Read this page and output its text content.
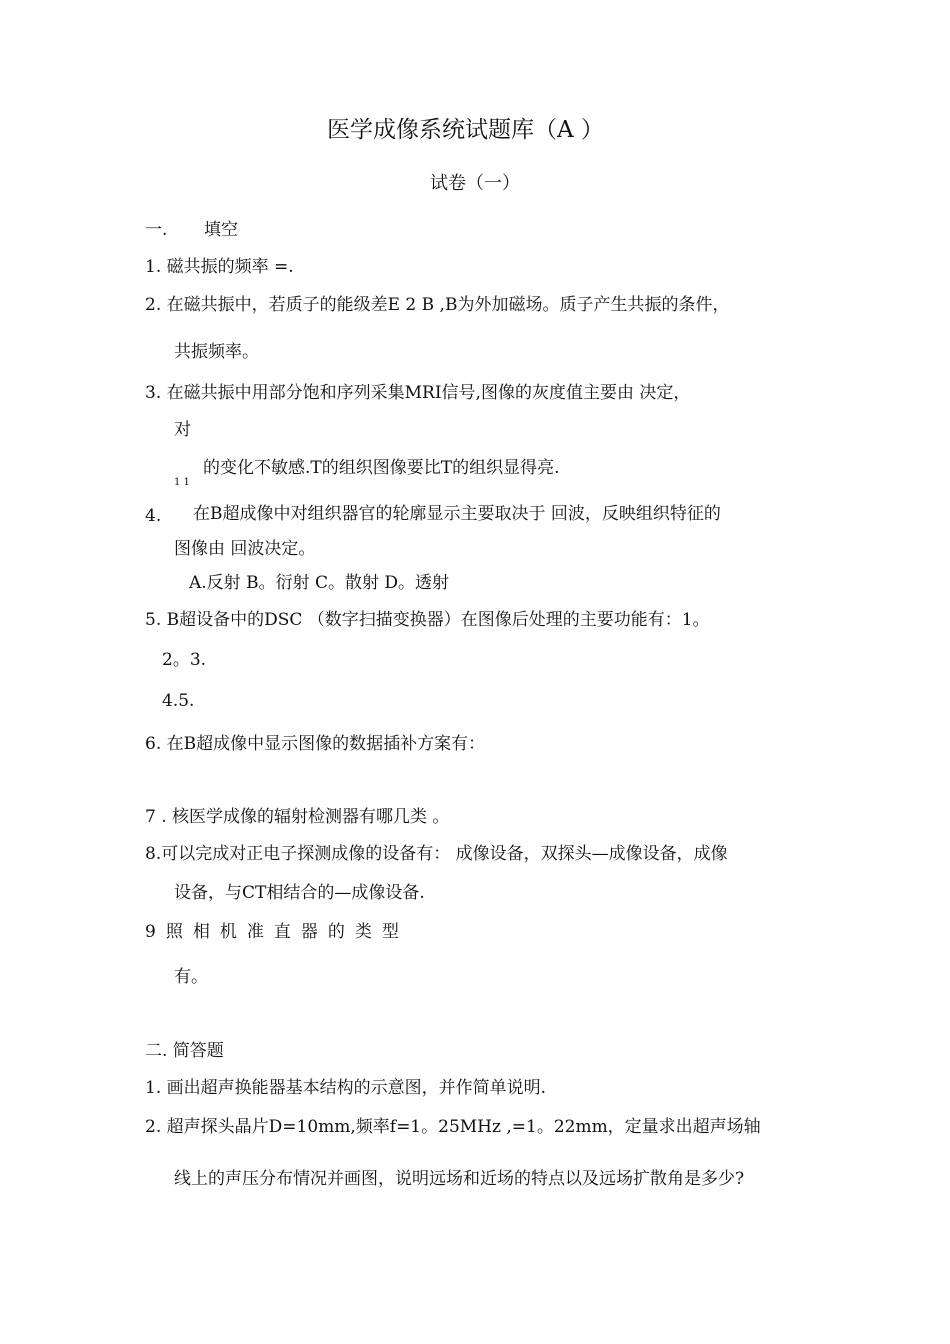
医学成像系统试题库（A ）
试卷（一）
一. 填空
1. 磁共振的频率 =.
2. 在磁共振中，若质子的能级差E 2 B ,B为外加磁场。质子产生共振的条件，
共振频率。
3. 在磁共振中用部分饱和序列采集MRI信号,图像的灰度值主要由 决定，
对
的变化不敏感.T的组织图像要比T的组织显得亮.
1 1
4. 在B超成像中对组织器官的轮廓显示主要取决于 回波，反映组织特征的
图像由 回波决定。
A.反射 B。衍射 C。散射 D。透射
5. B超设备中的DSC （数字扫描变换器）在图像后处理的主要功能有：1。
2。3.
4.5.
6. 在B超成像中显示图像的数据插补方案有：
7 . 核医学成像的辐射检测器有哪几类 。
8.可以完成对正电子探测成像的设备有： 成像设备，双探头—成像设备，成像
设备，与CT相结合的—成像设备.
9照相机准直器的类型
有。
二. 简答题
1. 画出超声换能器基本结构的示意图，并作简单说明.
2. 超声探头晶片D=10mm,频率f=1。25MHz ,=1。22mm，定量求出超声场轴
线上的声压分布情况并画图，说明远场和近场的特点以及远场扩散角是多少?
